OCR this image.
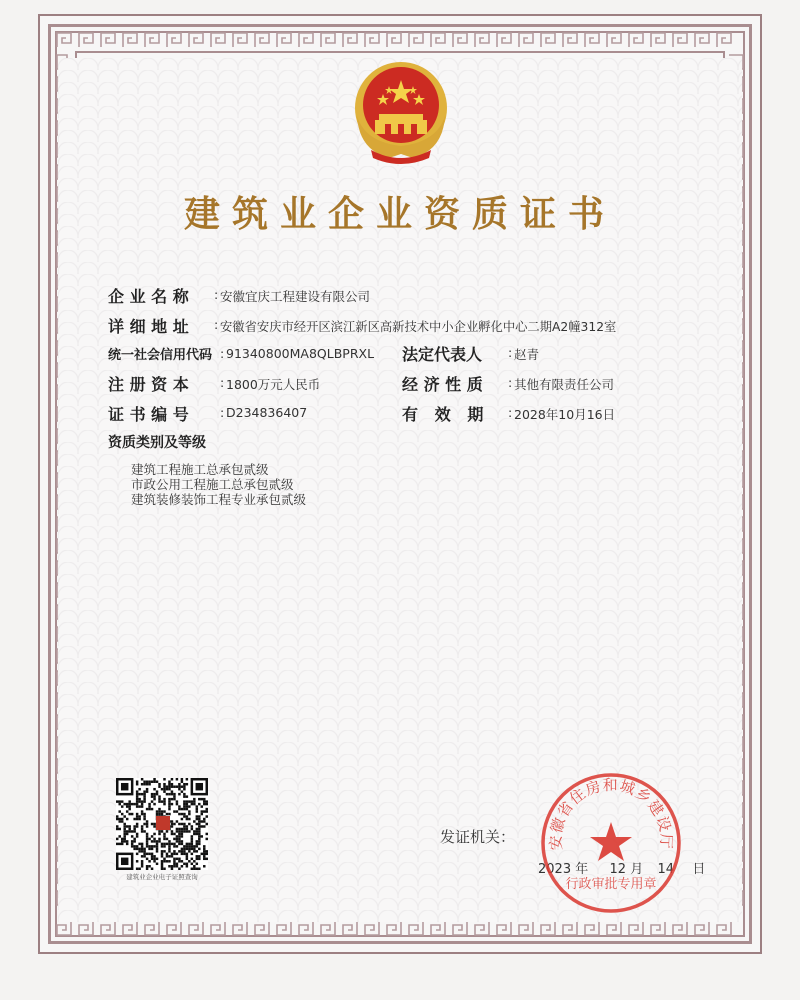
建筑业企业资质证书
企 业 名 称	安徽宜庆工程建设有限公司
:
详 细 地 址 : 安徽省安庆市经开区滨江新区高新技术中小企业孵化中心二期A2幢312室
统一社会信用代码 : 91340800MA8QLBPRXL 法定代表人 : 赵青
注 册 资 本	: 1800万元人民币	经 济 性 质 : 其他有限责任公司
证 书 编 号	: D234836407	有   效   期 : 2028年10月16日
资质类别及等级
建筑工程施工总承包贰级
市政公用工程施工总承包贰级
建筑装修装饰工程专业承包贰级
建筑业企业电子证照查询
发证机关：
2023 年 12 月 14 日
安徽省住房和城乡建设厅
行政审批专用章
